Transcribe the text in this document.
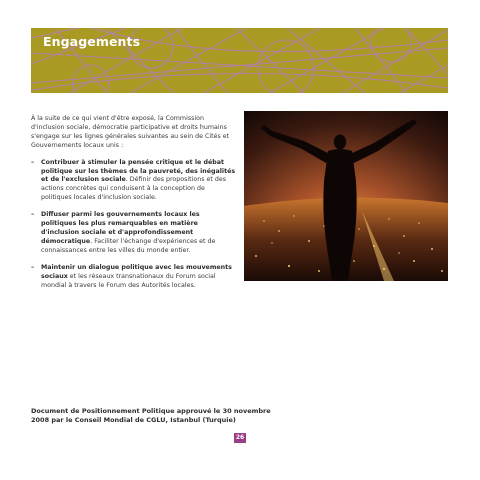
Engagements

À la suite de ce qui vient d'être exposé, la Commission d'inclusion sociale, démocratie participative et droits humains s'engage sur les lignes générales suivantes au sein de Cités et Gouvernements locaux unis :

– Contribuer à stimuler la pensée critique et le débat politique sur les thèmes de la pauvreté, des inégalités et de l'exclusion sociale. Définir des propositions et des actions concrètes qui conduisent à la conception de politiques locales d'inclusion sociale.
– Diffuser parmi les gouvernements locaux les politiques les plus remarquables en matière d'inclusion sociale et d'approfondissement démocratique. Faciliter l'échange d'expériences et de connaissances entre les villes du monde entier.
– Maintenir un dialogue politique avec les mouvements sociaux et les réseaux transnationaux du Forum social mondial à travers le Forum des Autorités locales.
Document de Positionnement Politique approuvé le 30 novembre
2008 par le Conseil Mondial de CGLU, Istanbul (Turquie)
26
